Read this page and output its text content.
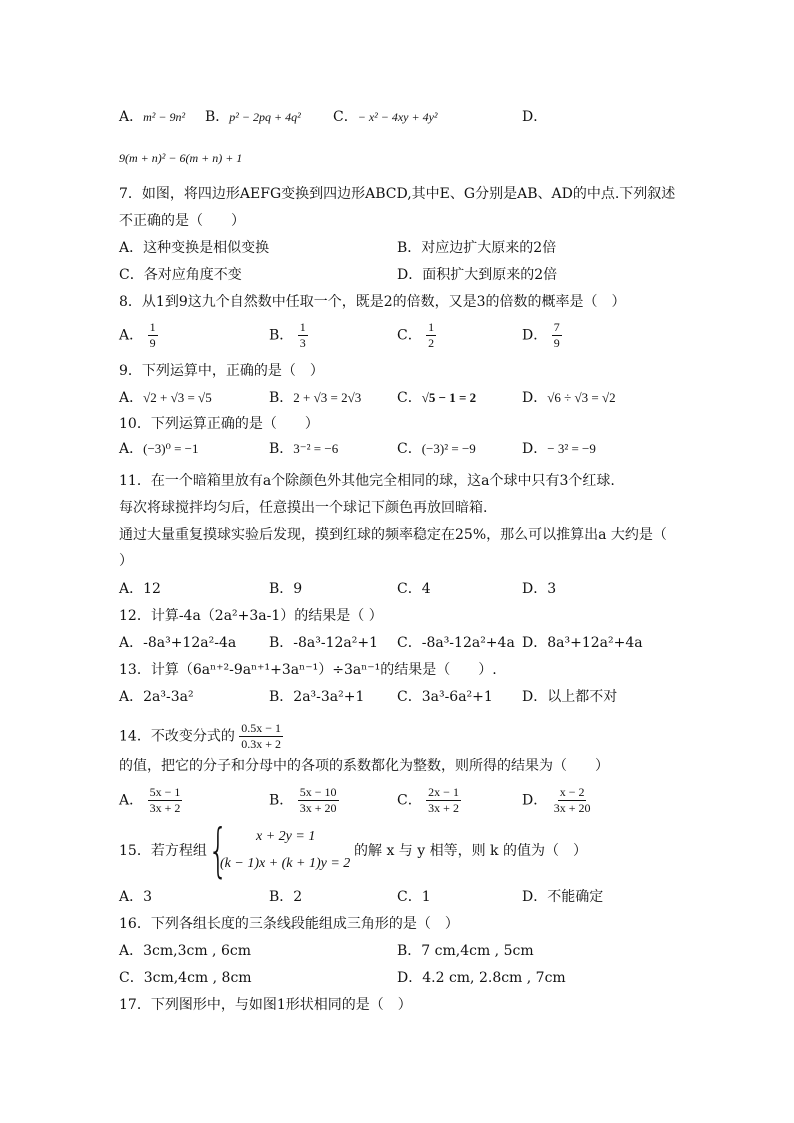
A．m² − 9n² B．p² − 2pq + 4q² C．− x² − 4xy + 4y²	D．
9(m + n)² − 6(m + n) + 1
7．如图，将四边形AEFG变换到四边形ABCD,其中E、G分别是AB、AD的中点.下列叙述
不正确的是（　　）
A．这种变换是相似变换	B．对应边扩大原来的2倍
C．各对应角度不变	D．面积扩大到原来的2倍
8．从1到9这九个自然数中任取一个，既是2的倍数，又是3的倍数的概率是（　）
A． $\frac{1}{9}$	B． $\frac{1}{3}$	C． $\frac{1}{2}$	D． $\frac{7}{9}$
9．下列运算中，正确的是（　）
A．√2 + √3 = √5	B．2 + √3 = 2√3	C．√5 − 1 = 2	D．√6 ÷ √3 = √2
10．下列运算正确的是（　　）
A．(−3)⁰ = −1	B．3⁻² = −6	C．(−3)² = −9	D．− 3² = −9
11．在一个暗箱里放有a个除颜色外其他完全相同的球，这a个球中只有3个红球.
每次将球搅拌均匀后，任意摸出一个球记下颜色再放回暗箱.
通过大量重复摸球实验后发现，摸到红球的频率稳定在25%，那么可以推算出a 大约是（
）
A．12	B．9	C．4	D．3
12．计算-4a（2a²+3a-1）的结果是（ ）
A．-8a³+12a²-4a B．-8a³-12a²+1 C．-8a³-12a²+4a D．8a³+12a²+4a
13．计算（6aⁿ⁺²-9aⁿ⁺¹+3aⁿ⁻¹）÷3aⁿ⁻¹的结果是（　　）.
A．2a³-3a²	B．2a³-3a²+1 C．3a³-6a²+1 D．以上都不对
14．不改变分式的 $\frac{0.5x - 1}{0.3x + 2}$
的值，把它的分子和分母中的各项的系数都化为整数，则所得的结果为（　　）
A． $\frac{5x - 1}{3x + 2}$	B． $\frac{5x - 10}{3x + 20}$	C． $\frac{2x - 1}{3x + 2}$	D． $\frac{x - 2}{3x + 20}$
15．若方程组 { x + 2y = 1
(k − 1)x + (k + 1)y = 2
的解 x 与 y 相等，则 k 的值为（　）
A．3	B．2	C．1	D．不能确定
16．下列各组长度的三条线段能组成三角形的是（　）
A．3cm,3cm , 6cm	B．7 cm,4cm , 5cm
C．3cm,4cm , 8cm	D．4.2 cm, 2.8cm , 7cm
17．下列图形中，与如图1形状相同的是（　）
